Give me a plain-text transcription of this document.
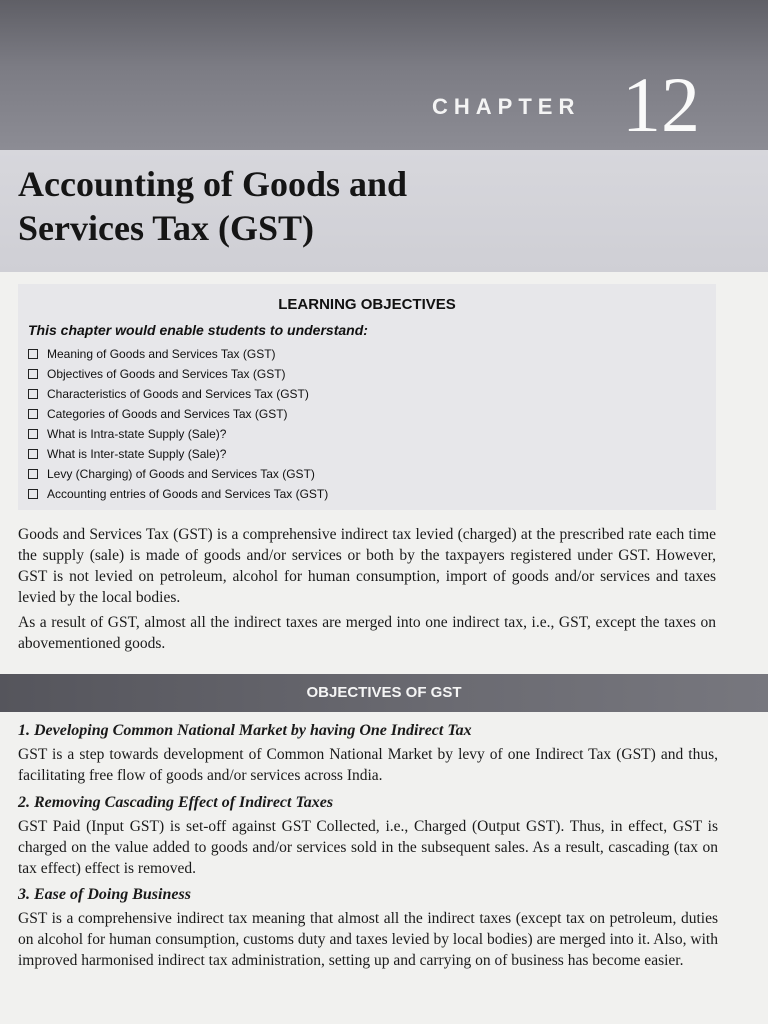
CHAPTER 12
Accounting of Goods and
Services Tax (GST)
LEARNING OBJECTIVES
This chapter would enable students to understand:
Meaning of Goods and Services Tax (GST)
Objectives of Goods and Services Tax (GST)
Characteristics of Goods and Services Tax (GST)
Categories of Goods and Services Tax (GST)
What is Intra-state Supply (Sale)?
What is Inter-state Supply (Sale)?
Levy (Charging) of Goods and Services Tax (GST)
Accounting entries of Goods and Services Tax (GST)

Goods and Services Tax (GST) is a comprehensive indirect tax levied (charged) at the prescribed rate each time the supply (sale) is made of goods and/or services or both by the taxpayers registered under GST. However, GST is not levied on petroleum, alcohol for human consumption, import of goods and/or services and taxes levied by the local bodies.

As a result of GST, almost all the indirect taxes are merged into one indirect tax, i.e., GST, except the taxes on abovementioned goods.

OBJECTIVES OF GST

1. Developing Common National Market by having One Indirect Tax

GST is a step towards development of Common National Market by levy of one Indirect Tax (GST) and thus, facilitating free flow of goods and/or services across India.

2. Removing Cascading Effect of Indirect Taxes

GST Paid (Input GST) is set-off against GST Collected, i.e., Charged (Output GST). Thus, in effect, GST is charged on the value added to goods and/or services sold in the subsequent sales. As a result, cascading (tax on tax effect) effect is removed.

3. Ease of Doing Business

GST is a comprehensive indirect tax meaning that almost all the indirect taxes (except tax on petroleum, duties on alcohol for human consumption, customs duty and taxes levied by local bodies) are merged into it. Also, with improved harmonised indirect tax administration, setting up and carrying on of business has become easier.
